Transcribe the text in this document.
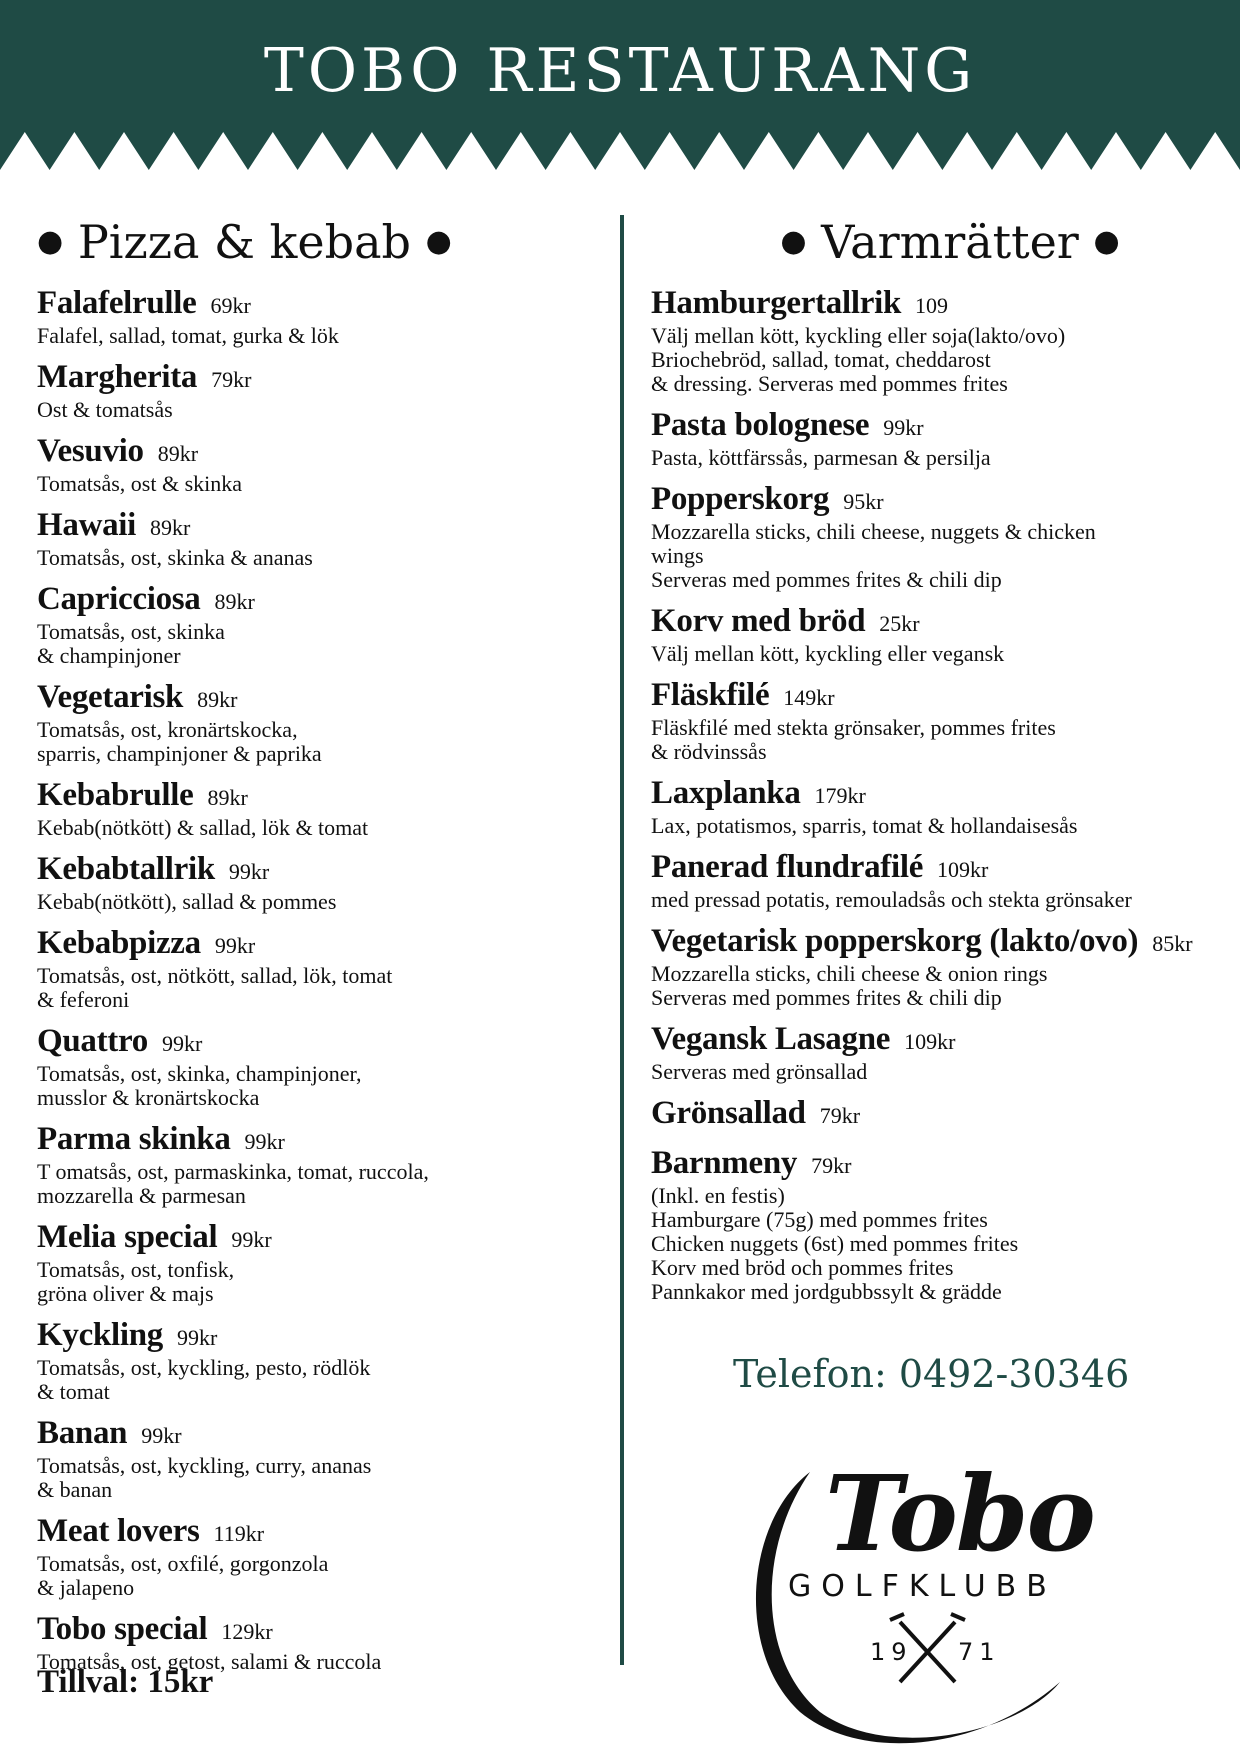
TOBO RESTAURANG
● Pizza & kebab ●
Falafelrulle 69kr
Falafel, sallad, tomat, gurka & lök
Margherita 79kr
Ost & tomatsås
Vesuvio 89kr
Tomatsås, ost & skinka
Hawaii 89kr
Tomatsås, ost, skinka & ananas
Capricciosa 89kr
Tomatsås, ost, skinka
& champinjoner
Vegetarisk 89kr
Tomatsås, ost, kronärtskocka,
sparris, champinjoner & paprika
Kebabrulle 89kr
Kebab(nötkött) & sallad, lök & tomat
Kebabtallrik 99kr
Kebab(nötkött), sallad & pommes
Kebabpizza 99kr
Tomatsås, ost, nötkött, sallad, lök, tomat
& feferoni
Quattro 99kr
Tomatsås, ost, skinka, champinjoner,
musslor & kronärtskocka
Parma skinka 99kr
T omatsås, ost, parmaskinka, tomat, ruccola,
mozzarella & parmesan
Melia special 99kr
Tomatsås, ost, tonfisk,
gröna oliver & majs
Kyckling 99kr
Tomatsås, ost, kyckling, pesto, rödlök
& tomat
Banan 99kr
Tomatsås, ost, kyckling, curry, ananas
& banan
Meat lovers 119kr
Tomatsås, ost, oxfilé, gorgonzola
& jalapeno
Tobo special 129kr
Tomatsås, ost, getost, salami & ruccola
● Varmrätter ●
Hamburgertallrik 109
Välj mellan kött, kyckling eller soja(lakto/ovo)
Briochebröd, sallad, tomat, cheddarost
& dressing. Serveras med pommes frites
Pasta bolognese 99kr
Pasta, köttfärssås, parmesan & persilja
Popperskorg 95kr
Mozzarella sticks, chili cheese, nuggets & chicken
wings
Serveras med pommes frites & chili dip
Korv med bröd 25kr
Välj mellan kött, kyckling eller vegansk
Fläskfilé 149kr
Fläskfilé med stekta grönsaker, pommes frites
& rödvinssås
Laxplanka 179kr
Lax, potatismos, sparris, tomat & hollandaisesås
Panerad flundrafilé 109kr
med pressad potatis, remouladsås och stekta grönsaker
Vegetarisk popperskorg (lakto/ovo) 85kr
Mozzarella sticks, chili cheese & onion rings
Serveras med pommes frites & chili dip
Vegansk Lasagne 109kr
Serveras med grönsallad
Grönsallad 79kr
Barnmeny 79kr
(Inkl. en festis)
Hamburgare (75g) med pommes frites
Chicken nuggets (6st) med pommes frites
Korv med bröd och pommes frites
Pannkakor med jordgubbssylt & grädde
Tillval: 15kr
Telefon: 0492-30346
Tobo
GOLFKLUBB
19 71
